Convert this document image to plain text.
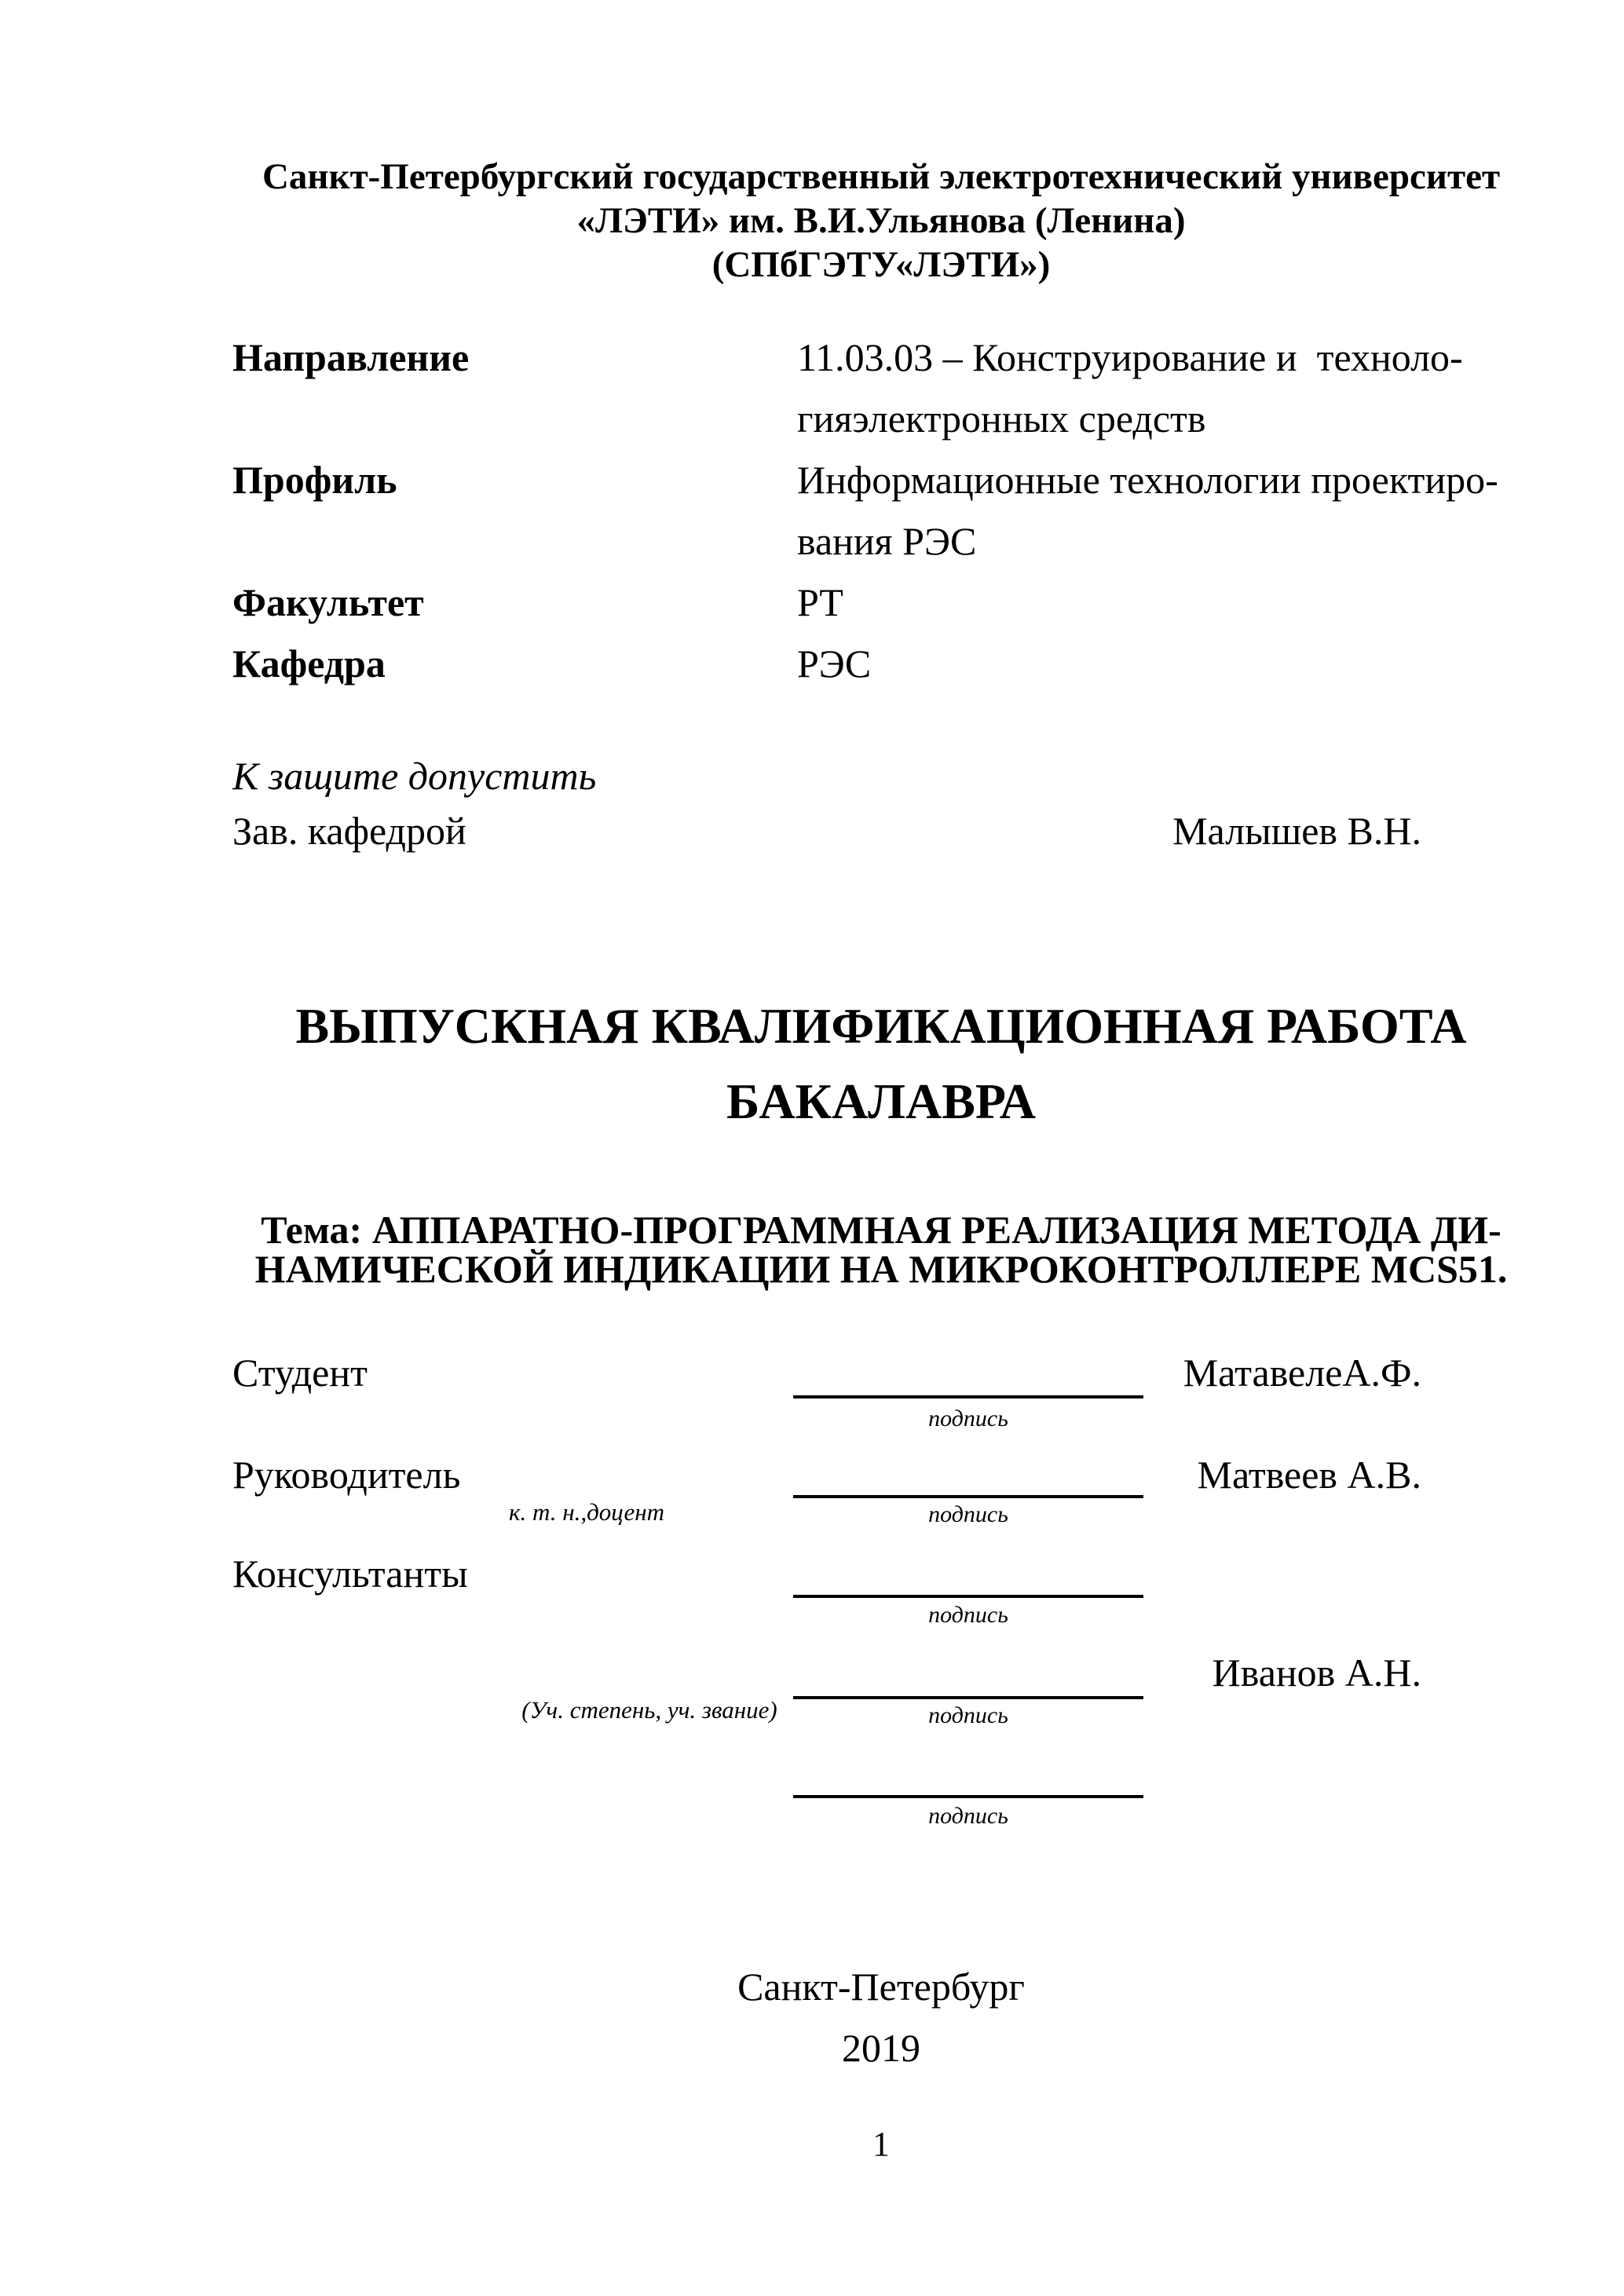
Санкт-Петербургский государственный электротехнический университет
«ЛЭТИ» им. В.И.Ульянова (Ленина)
(СПбГЭТУ«ЛЭТИ»)
Направление	11.03.03 – Конструирование и  техноло-
гияэлектронных средств
Профиль	Информационные технологии проектиро-
вания РЭС
Факультет	РТ
Кафедра	РЭС
К защите допустить
Зав. кафедрой	Малышев В.Н.
ВЫПУСКНАЯ КВАЛИФИКАЦИОННАЯ РАБОТА
БАКАЛАВРА
Тема: АППАРАТНО-ПРОГРАММНАЯ РЕАЛИЗАЦИЯ МЕТОДА ДИ-
НАМИЧЕСКОЙ ИНДИКАЦИИ НА МИКРОКОНТРОЛЛЕРЕ MCS51.
Студент	МатавелеА.Ф.
подпись
Руководитель	Матвеев А.В.
к. т. н.,доцент	подпись
Консультанты
подпись
Иванов А.Н.
(Уч. степень, уч. звание)	подпись
подпись
Санкт-Петербург
2019
1
